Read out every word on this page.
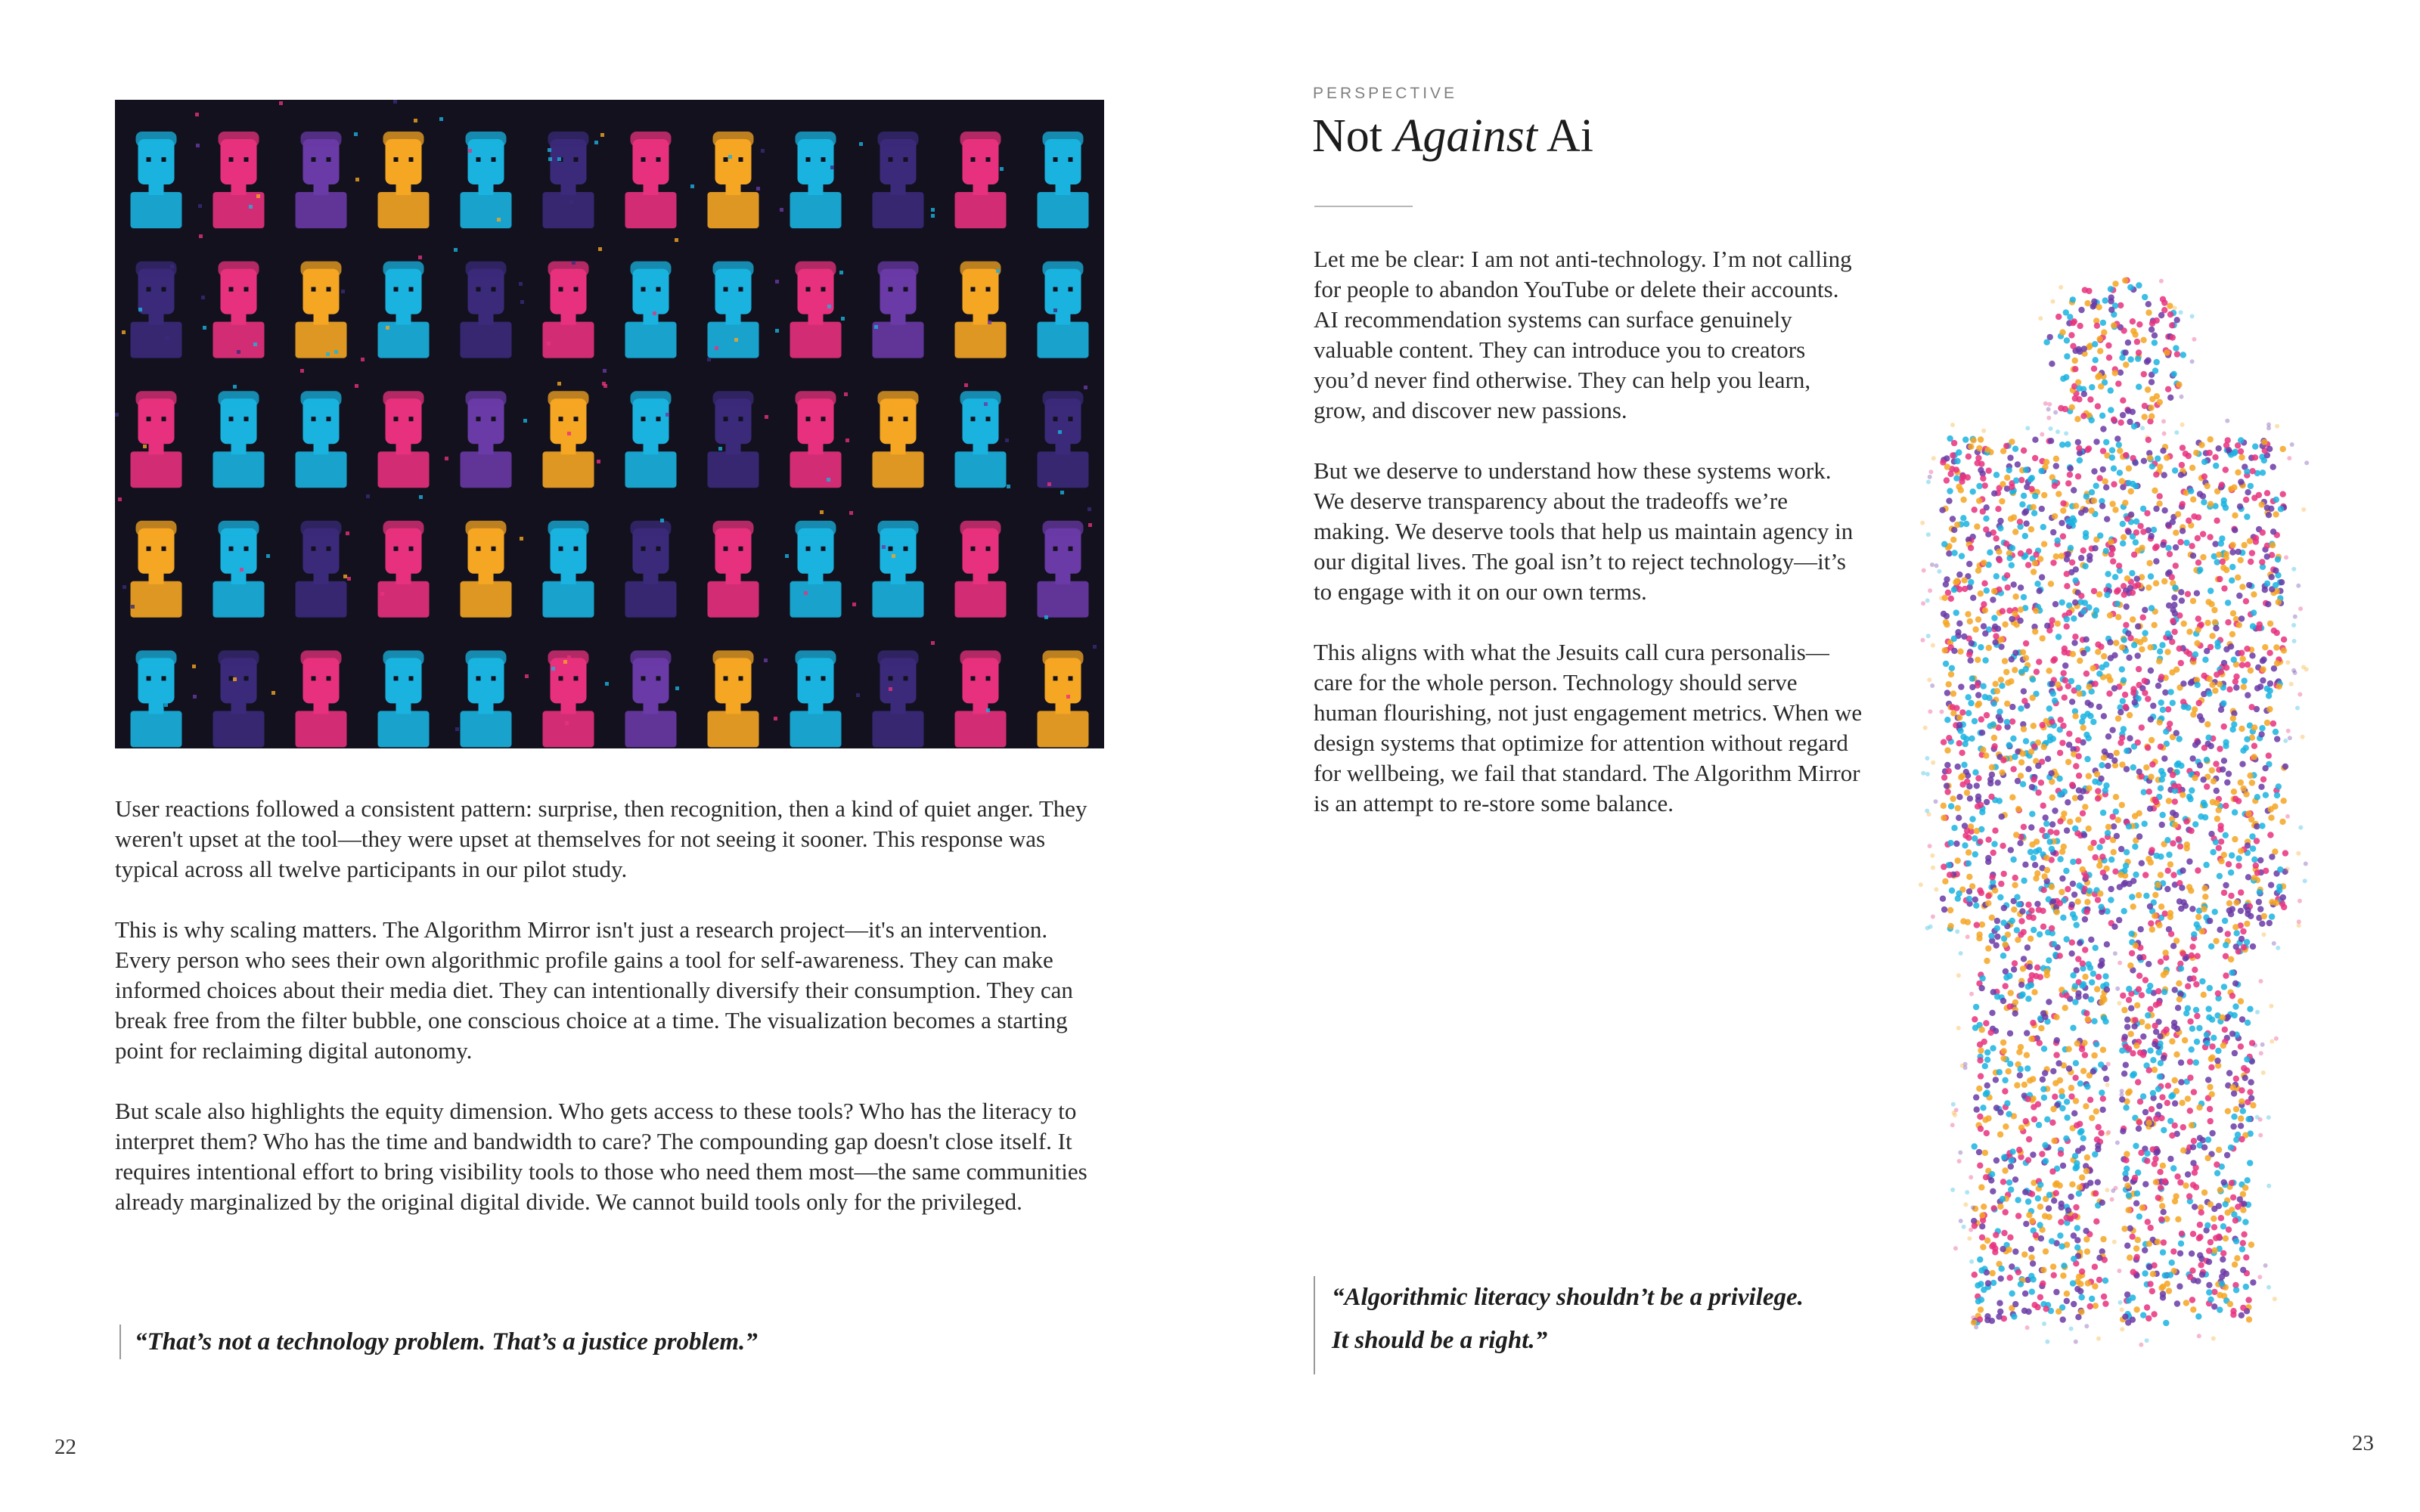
User reactions followed a consistent pattern: surprise, then recognition, then a kind of quiet anger. They weren't upset at the tool—they were upset at themselves for not seeing it sooner. This response was typical across all twelve participants in our pilot study.

This is why scaling matters. The Algorithm Mirror isn't just a research project—it's an intervention. Every person who sees their own algorithmic profile gains a tool for self-awareness. They can make informed choices about their media diet. They can intentionally diversify their consumption. They can break free from the filter bubble, one conscious choice at a time. The visualization becomes a starting point for reclaiming digital autonomy.

But scale also highlights the equity dimension. Who gets access to these tools? Who has the literacy to interpret them? Who has the time and bandwidth to care? The compounding gap doesn't close itself. It requires intentional effort to bring visibility tools to those who need them most—the same communities already marginalized by the original digital divide. We cannot build tools only for the privileged.

“That’s not a technology problem. That’s a justice problem.”
22
PERSPECTIVE
Not Against Ai

Let me be clear: I am not anti-technology. I’m not calling for people to abandon YouTube or delete their accounts. AI recommendation systems can surface genuinely valuable content. They can introduce you to creators you’d never find otherwise. They can help you learn, grow, and discover new passions.

But we deserve to understand how these systems work. We deserve transparency about the tradeoffs we’re making. We deserve tools that help us maintain agency in our digital lives. The goal isn’t to reject technology—it’s to engage with it on our own terms.

This aligns with what the Jesuits call cura personalis—care for the whole person. Technology should serve human flourishing, not just engagement metrics. When we design systems that optimize for attention without regard for wellbeing, we fail that standard. The Algorithm Mirror is an attempt to re-store some balance.

“Algorithmic literacy shouldn’t be a privilege.
It should be a right.”
23
